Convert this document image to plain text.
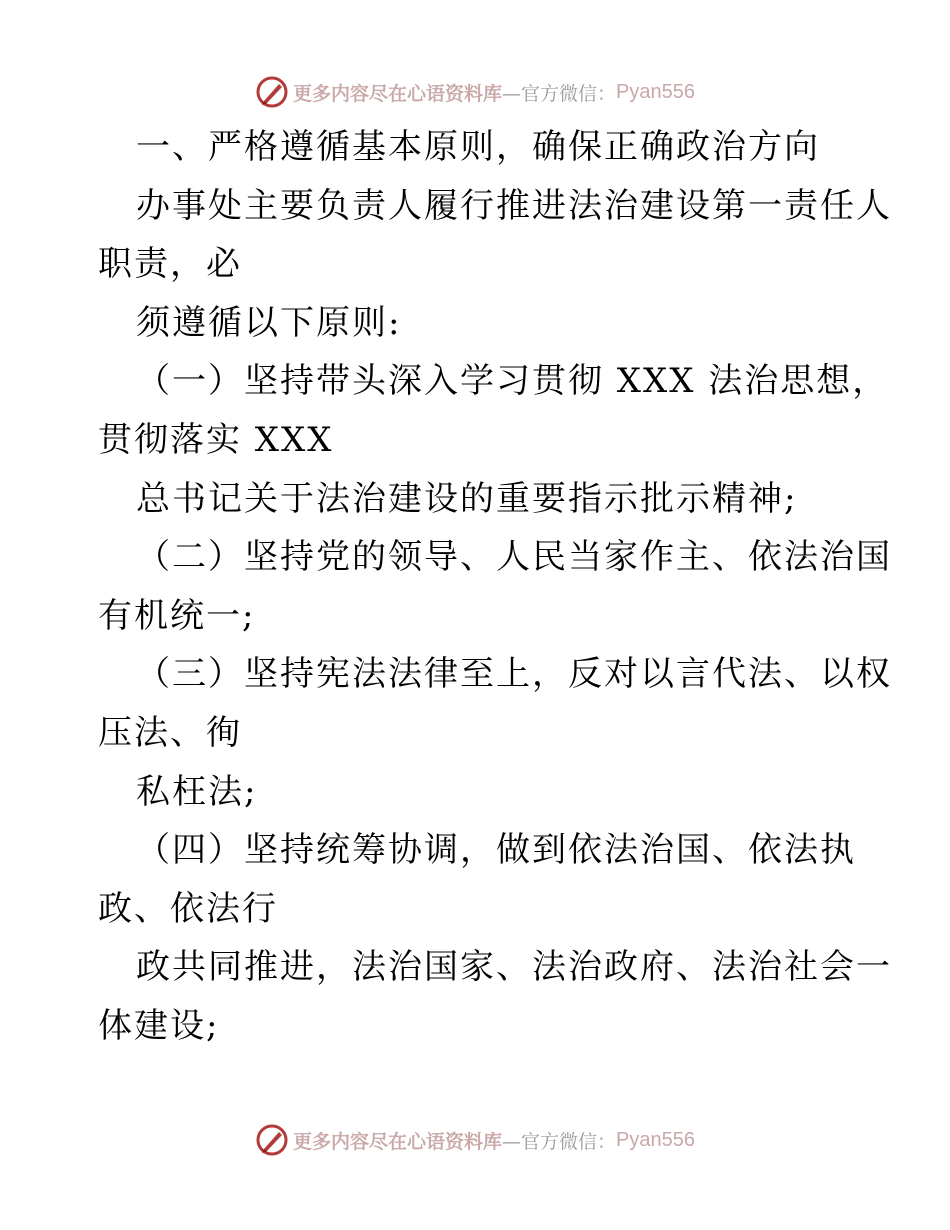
更多内容尽在心语资料库 —官方微信： Pyan556
一、严格遵循基本原则，确保正确政治方向
办事处主要负责人履行推进法治建设第一责任人
职责，必
须遵循以下原则:
（一）坚持带头深入学习贯彻 XXX 法治思想，
贯彻落实 XXX
总书记关于法治建设的重要指示批示精神;
（二）坚持党的领导、人民当家作主、依法治国
有机统一;
（三）坚持宪法法律至上，反对以言代法、以权
压法、徇
私枉法;
（四）坚持统筹协调，做到依法治国、依法执
政、依法行
政共同推进，法治国家、法治政府、法治社会一
体建设;
更多内容尽在心语资料库 —官方微信： Pyan556
